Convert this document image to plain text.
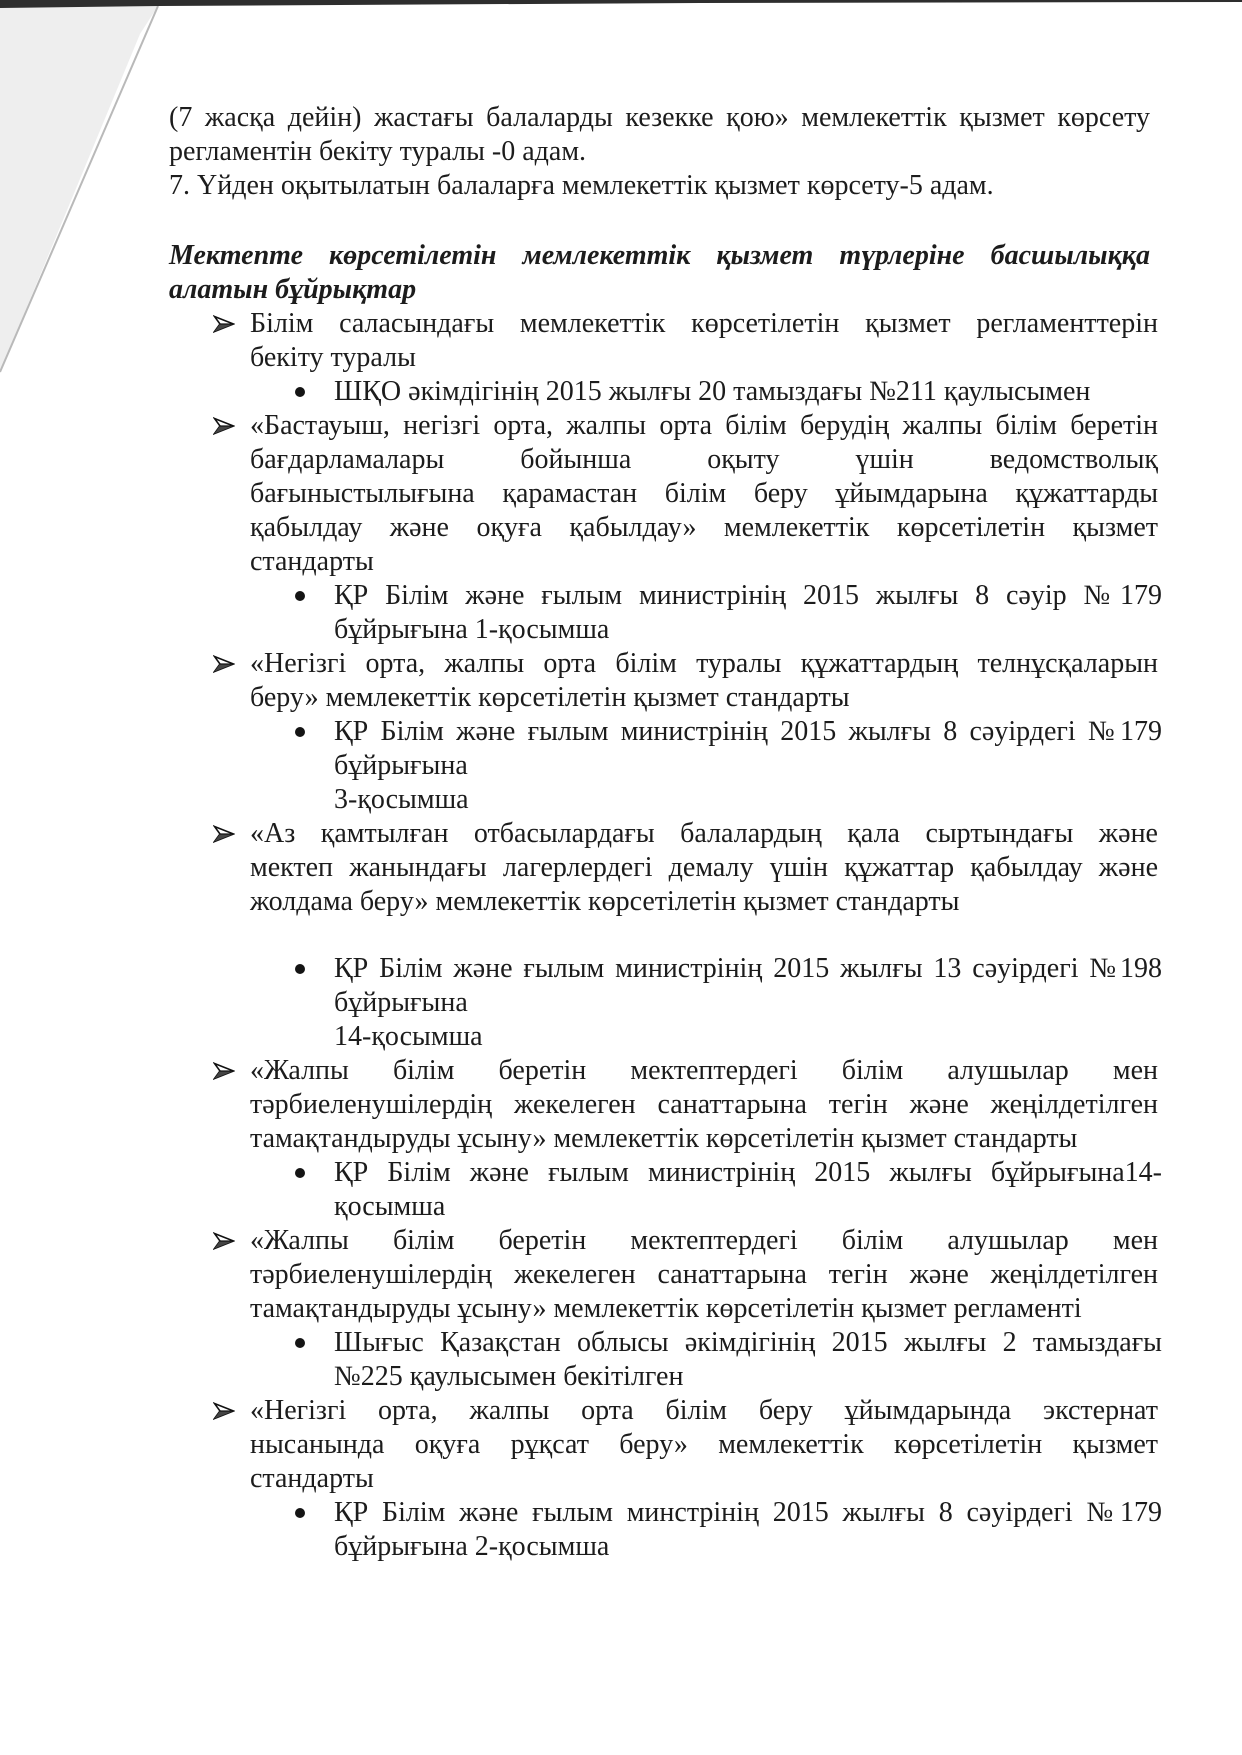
(7 жасқа дейін) жастағы балаларды кезекке қою» мемлекеттік қызмет көрсету
регламентін бекіту туралы -0 адам.
7. Үйден оқытылатын балаларға мемлекеттік қызмет көрсету-5 адам.
Мектепте көрсетілетін мемлекеттік қызмет түрлеріне басшылыққа
алатын бұйрықтар
Білім саласындағы мемлекеттік көрсетілетін қызмет регламенттерін
бекіту туралы
ШҚО әкімдігінің 2015 жылғы 20 тамыздағы №211 қаулысымен
«Бастауыш, негізгі орта, жалпы орта білім берудің жалпы білім беретін
бағдарламалары бойынша оқыту үшін ведомстволық
бағыныстылығына қарамастан білім беру ұйымдарына құжаттарды
қабылдау және оқуға қабылдау» мемлекеттік көрсетілетін қызмет
стандарты
ҚР Білім және ғылым министрінің 2015 жылғы 8 сәуір №179
бұйрығына 1-қосымша
«Негізгі орта, жалпы орта білім туралы құжаттардың телнұсқаларын
беру» мемлекеттік көрсетілетін қызмет стандарты
ҚР Білім және ғылым министрінің 2015 жылғы 8 сәуірдегі №179
бұйрығына
3-қосымша
«Аз қамтылған отбасылардағы балалардың қала сыртындағы және
мектеп жанындағы лагерлердегі демалу үшін құжаттар қабылдау және
жолдама беру» мемлекеттік көрсетілетін қызмет стандарты
ҚР Білім және ғылым министрінің 2015 жылғы 13 сәуірдегі №198
бұйрығына
14-қосымша
«Жалпы білім беретін мектептердегі білім алушылар мен
тәрбиеленушілердің жекелеген санаттарына тегін және жеңілдетілген
тамақтандыруды ұсыну» мемлекеттік көрсетілетін қызмет стандарты
ҚР Білім және ғылым министрінің 2015 жылғы бұйрығына14-
қосымша
«Жалпы білім беретін мектептердегі білім алушылар мен
тәрбиеленушілердің жекелеген санаттарына тегін және жеңілдетілген
тамақтандыруды ұсыну» мемлекеттік көрсетілетін қызмет регламенті
Шығыс Қазақстан облысы әкімдігінің 2015 жылғы 2 тамыздағы
№225 қаулысымен бекітілген
«Негізгі орта, жалпы орта білім беру ұйымдарында экстернат
нысанында оқуға рұқсат беру» мемлекеттік көрсетілетін қызмет
стандарты
ҚР Білім және ғылым минстрінің 2015 жылғы 8 сәуірдегі №179
бұйрығына 2-қосымша
